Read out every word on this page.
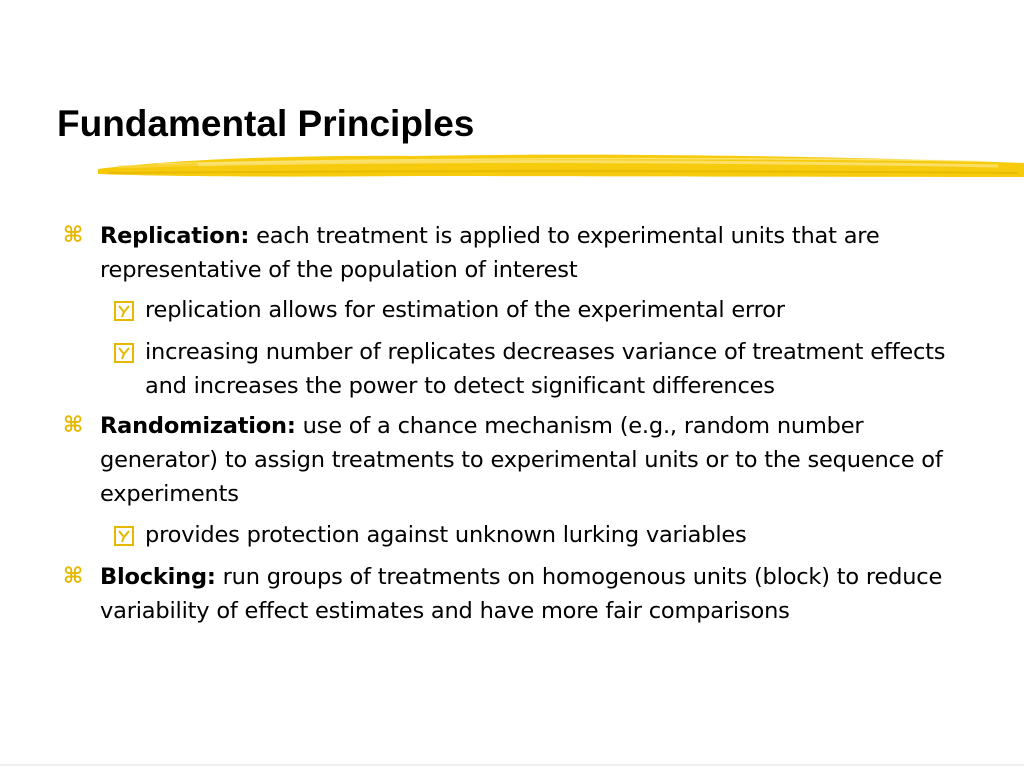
Fundamental Principles
⌘ Replication: each treatment is applied to experimental units that are representative of the population of interest
replication allows for estimation of the experimental error
increasing number of replicates decreases variance of treatment effects and increases the power to detect significant differences
⌘ Randomization: use of a chance mechanism (e.g., random number generator) to assign treatments to experimental units or to the sequence of experiments
provides protection against unknown lurking variables
⌘ Blocking: run groups of treatments on homogenous units (block) to reduce variability of effect estimates and have more fair comparisons
